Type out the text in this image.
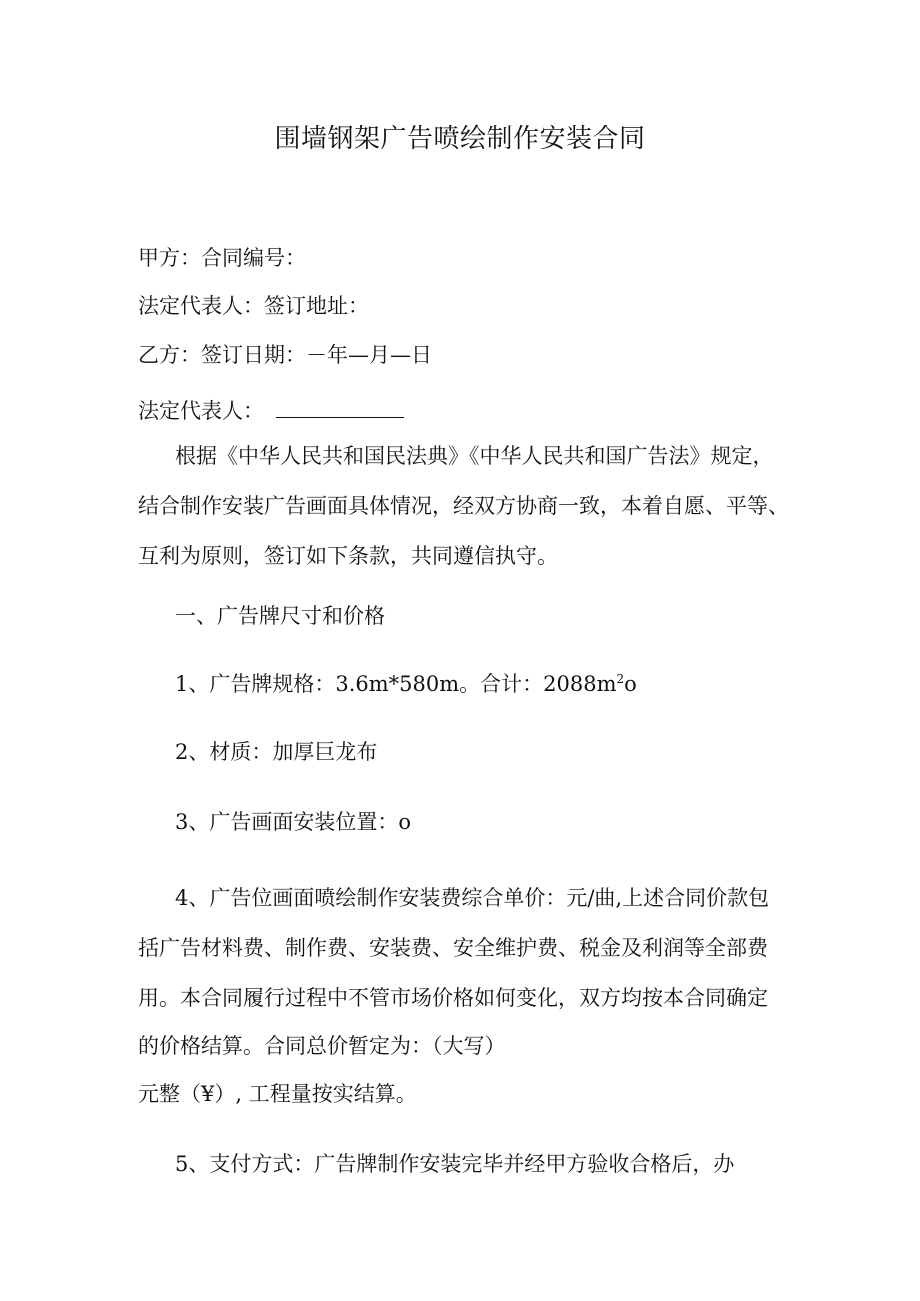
围墙钢架广告喷绘制作安装合同
甲方：合同编号：
法定代表人：签订地址：
乙方：签订日期：－年—月—日
法定代表人：
根据《中华人民共和国民法典》《中华人民共和国广告法》规定，
结合制作安装广告画面具体情况，经双方协商一致，本着自愿、平等、
互利为原则，签订如下条款，共同遵信执守。
一、广告牌尺寸和价格
1、广告牌规格：3.6m*580m。合计：$2088m^2o$
2、材质：加厚巨龙布
3、广告画面安装位置：o
4、广告位画面喷绘制作安装费综合单价：元/曲,上述合同价款包
括广告材料费、制作费、安装费、安全维护费、税金及利润等全部费
用。本合同履行过程中不管市场价格如何变化，双方均按本合同确定
的价格结算。合同总价暂定为：（大写）
元整（¥）, 工程量按实结算。
5、支付方式：广告牌制作安装完毕并经甲方验收合格后，办
